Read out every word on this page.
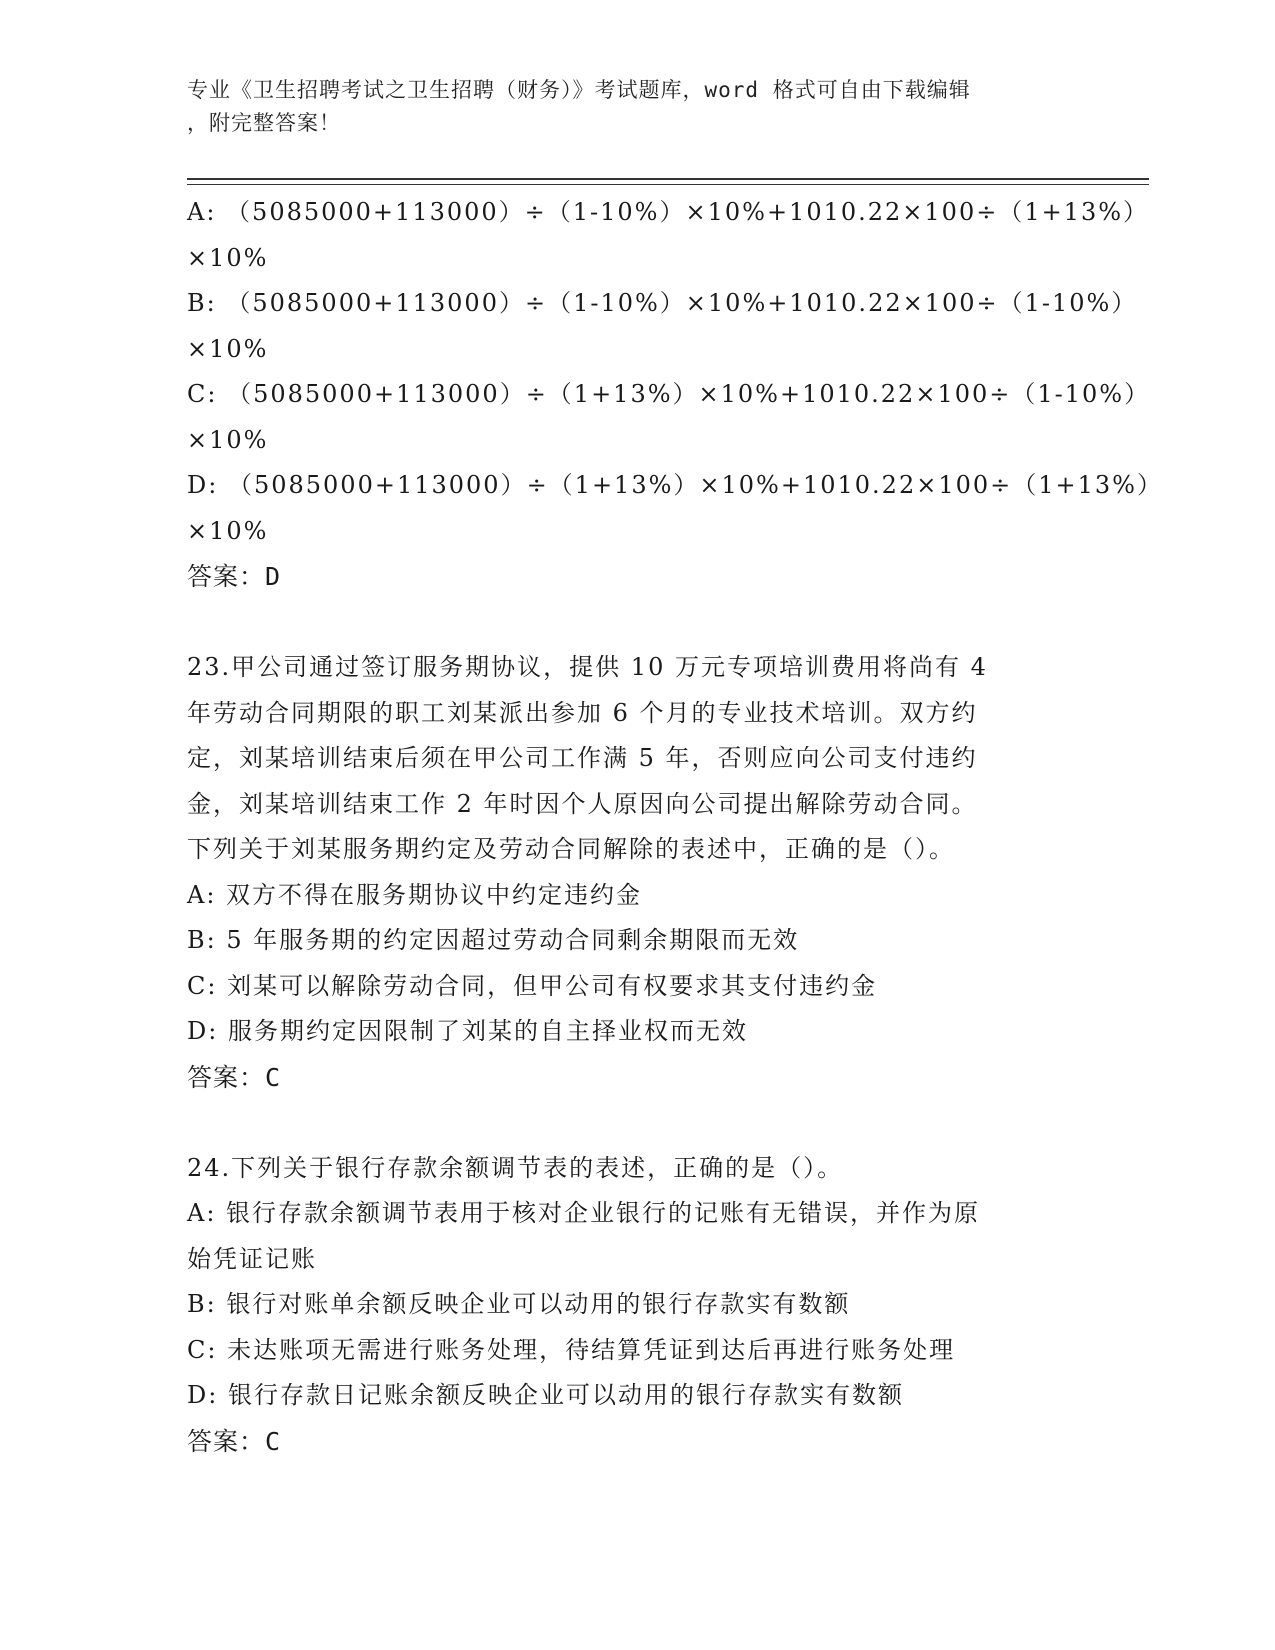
专业《卫生招聘考试之卫生招聘（财务）》考试题库，word 格式可自由下载编辑
，附完整答案！
A: （5085000+113000）÷（1-10%）×10%+1010.22×100÷（1+13%）
×10%
B: （5085000+113000）÷（1-10%）×10%+1010.22×100÷（1-10%）
×10%
C: （5085000+113000）÷（1+13%）×10%+1010.22×100÷（1-10%）
×10%
D: （5085000+113000）÷（1+13%）×10%+1010.22×100÷（1+13%）
×10%
答案：D
23.甲公司通过签订服务期协议，提供 10 万元专项培训费用将尚有 4
年劳动合同期限的职工刘某派出参加 6 个月的专业技术培训。双方约
定，刘某培训结束后须在甲公司工作满 5 年，否则应向公司支付违约
金，刘某培训结束工作 2 年时因个人原因向公司提出解除劳动合同。
下列关于刘某服务期约定及劳动合同解除的表述中，正确的是（）。
A: 双方不得在服务期协议中约定违约金
B: 5 年服务期的约定因超过劳动合同剩余期限而无效
C: 刘某可以解除劳动合同，但甲公司有权要求其支付违约金
D: 服务期约定因限制了刘某的自主择业权而无效
答案：C
24.下列关于银行存款余额调节表的表述，正确的是（）。
A: 银行存款余额调节表用于核对企业银行的记账有无错误，并作为原
始凭证记账
B: 银行对账单余额反映企业可以动用的银行存款实有数额
C: 未达账项无需进行账务处理，待结算凭证到达后再进行账务处理
D: 银行存款日记账余额反映企业可以动用的银行存款实有数额
答案：C
